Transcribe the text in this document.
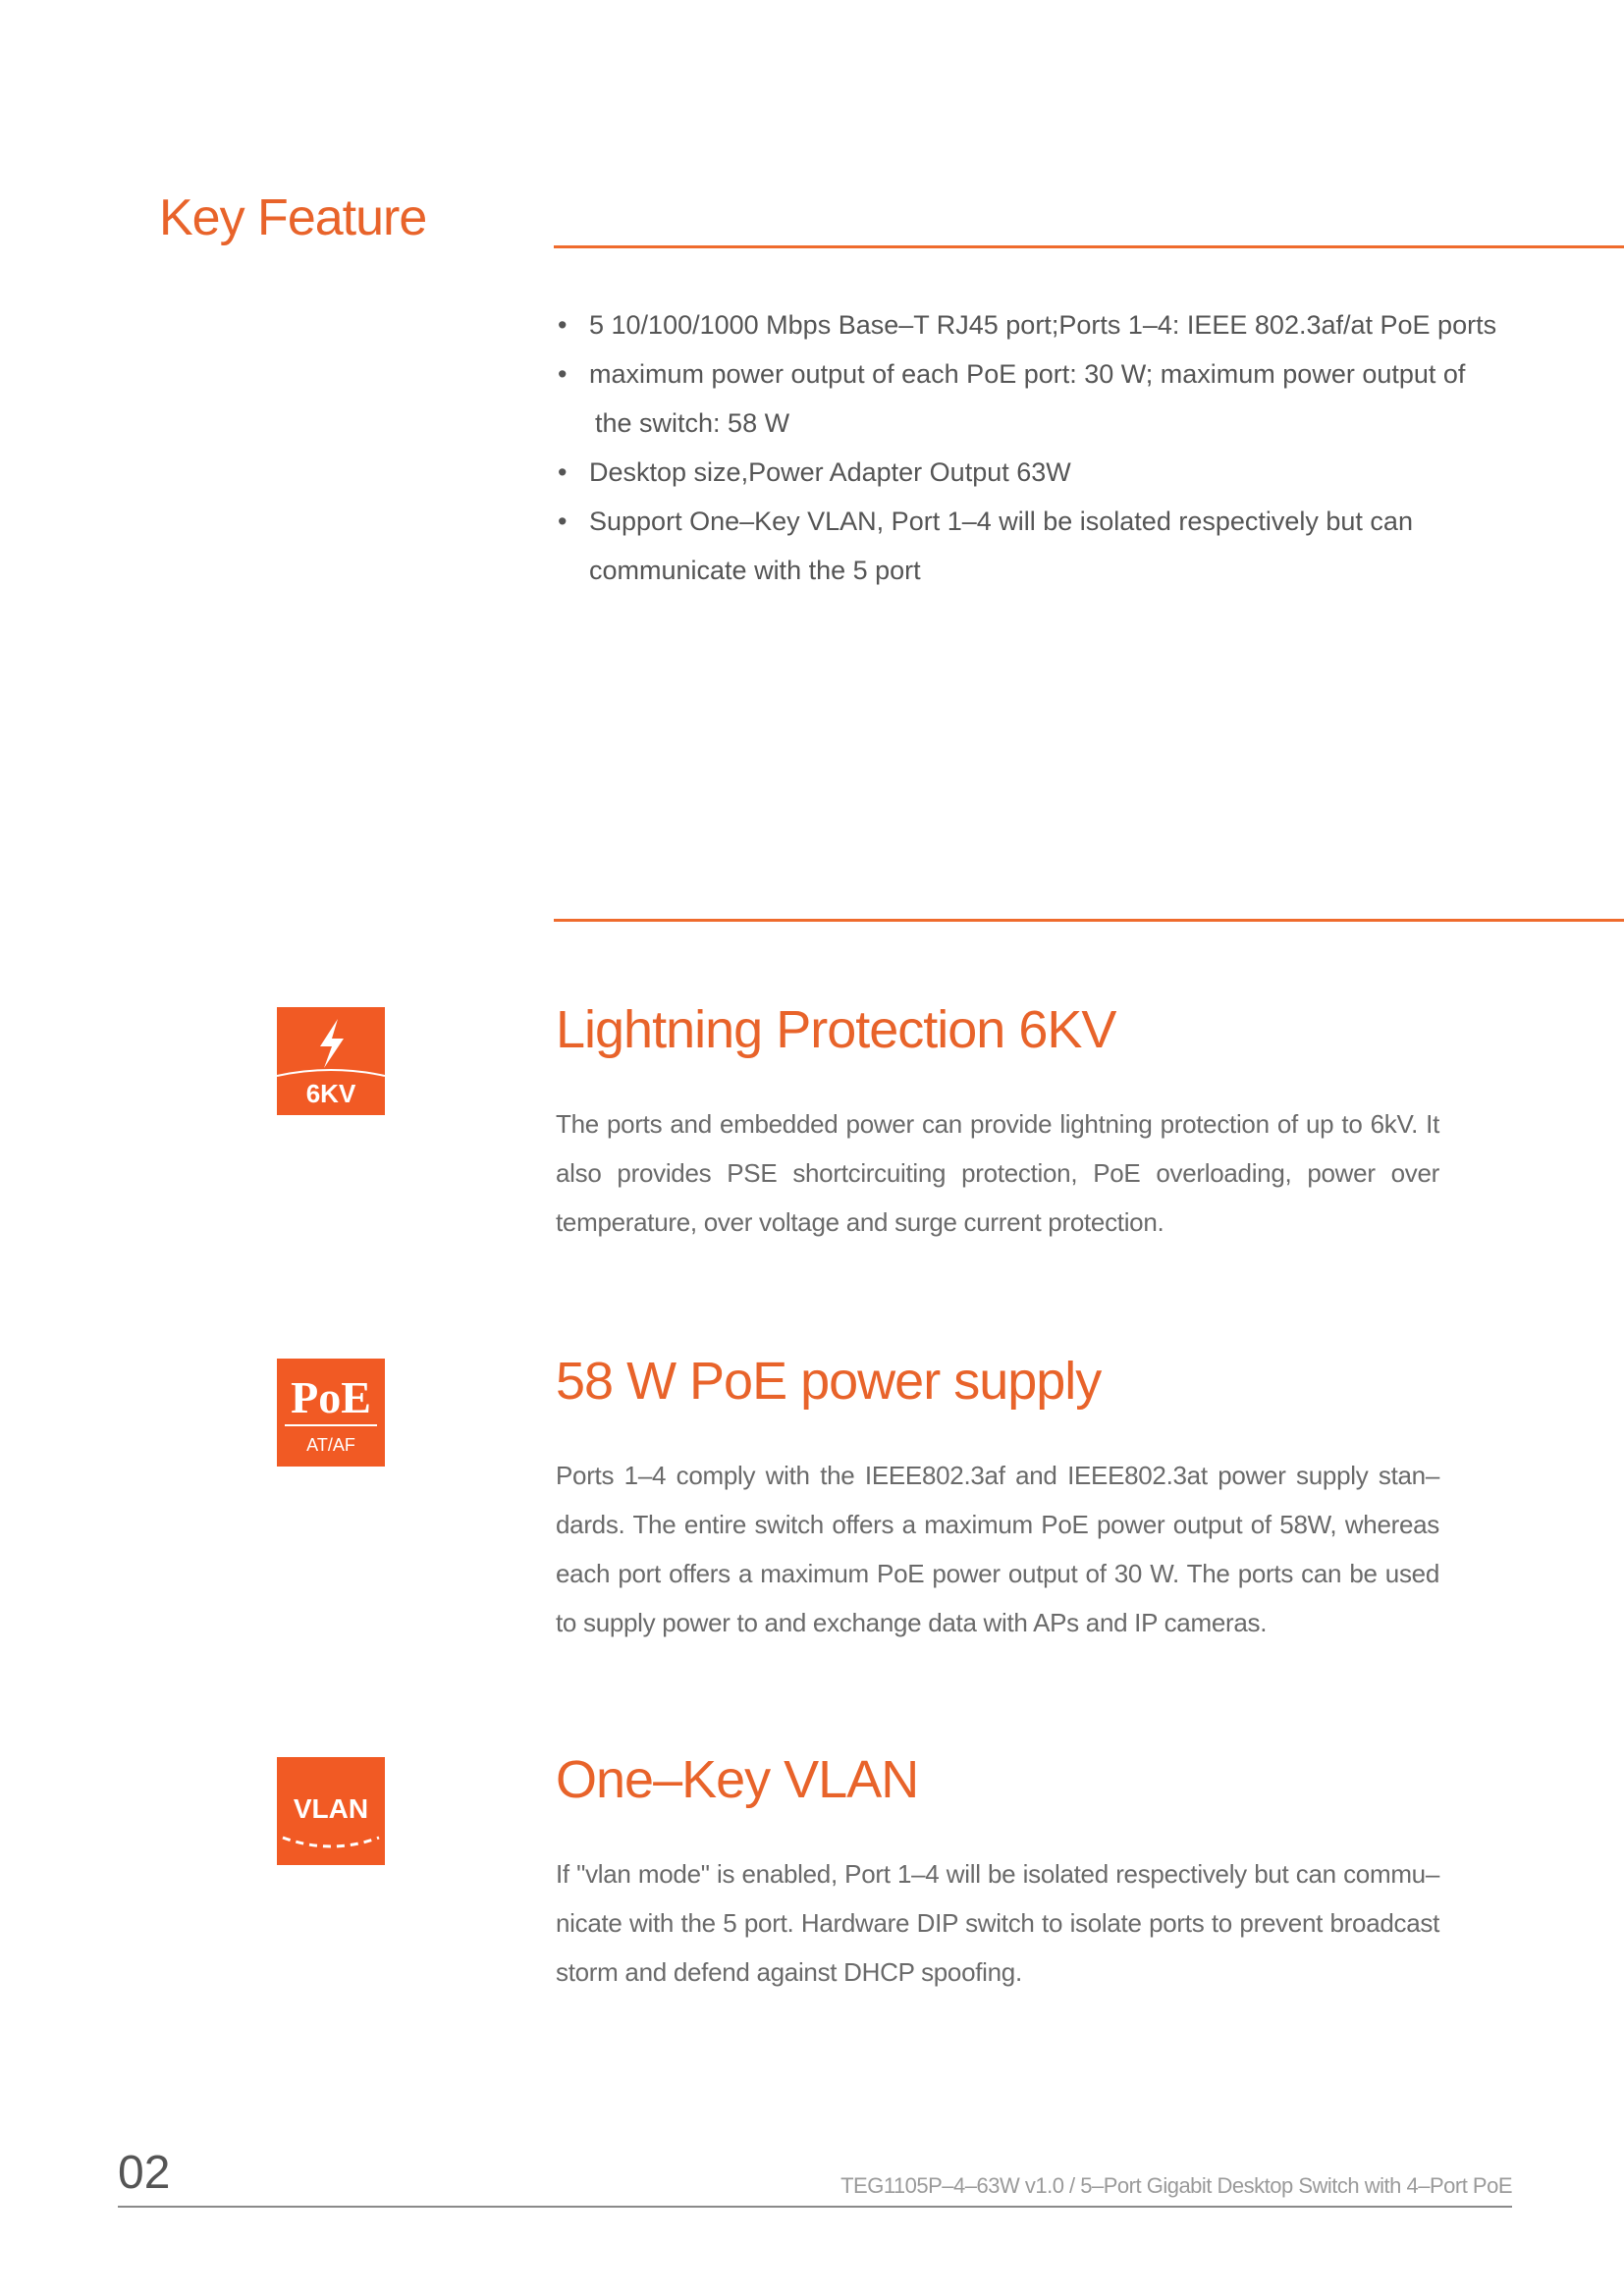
Key Feature
• 5 10/100/1000 Mbps Base–T RJ45 port;Ports 1–4: IEEE 802.3af/at PoE ports
• maximum power output of each PoE port: 30 W; maximum power output of
the switch: 58 W
• Desktop size,Power Adapter Output 63W
• Support One–Key VLAN, Port 1–4 will be isolated respectively but can
communicate with the 5 port
6KV
Lightning Protection 6KV
The ports and embedded power can provide lightning protection of up to 6kV. It also provides PSE shortcircuiting protection, PoE overloading, power over temperature, over voltage and surge current protection.
PoE
AT/AF
58 W PoE power supply
Ports 1–4 comply with the IEEE802.3af and IEEE802.3at power supply stan–dards. The entire switch offers a maximum PoE power output of 58W, whereas each port offers a maximum PoE power output of 30 W. The ports can be used to supply power to and exchange data with APs and IP cameras.
VLAN	One–Key VLAN
If "vlan mode" is enabled, Port 1–4 will be isolated respectively but can commu–nicate with the 5 port. Hardware DIP switch to isolate ports to prevent broadcast storm and defend against DHCP spoofing.
02	TEG1105P–4–63W v1.0 / 5–Port Gigabit Desktop Switch with 4–Port PoE
